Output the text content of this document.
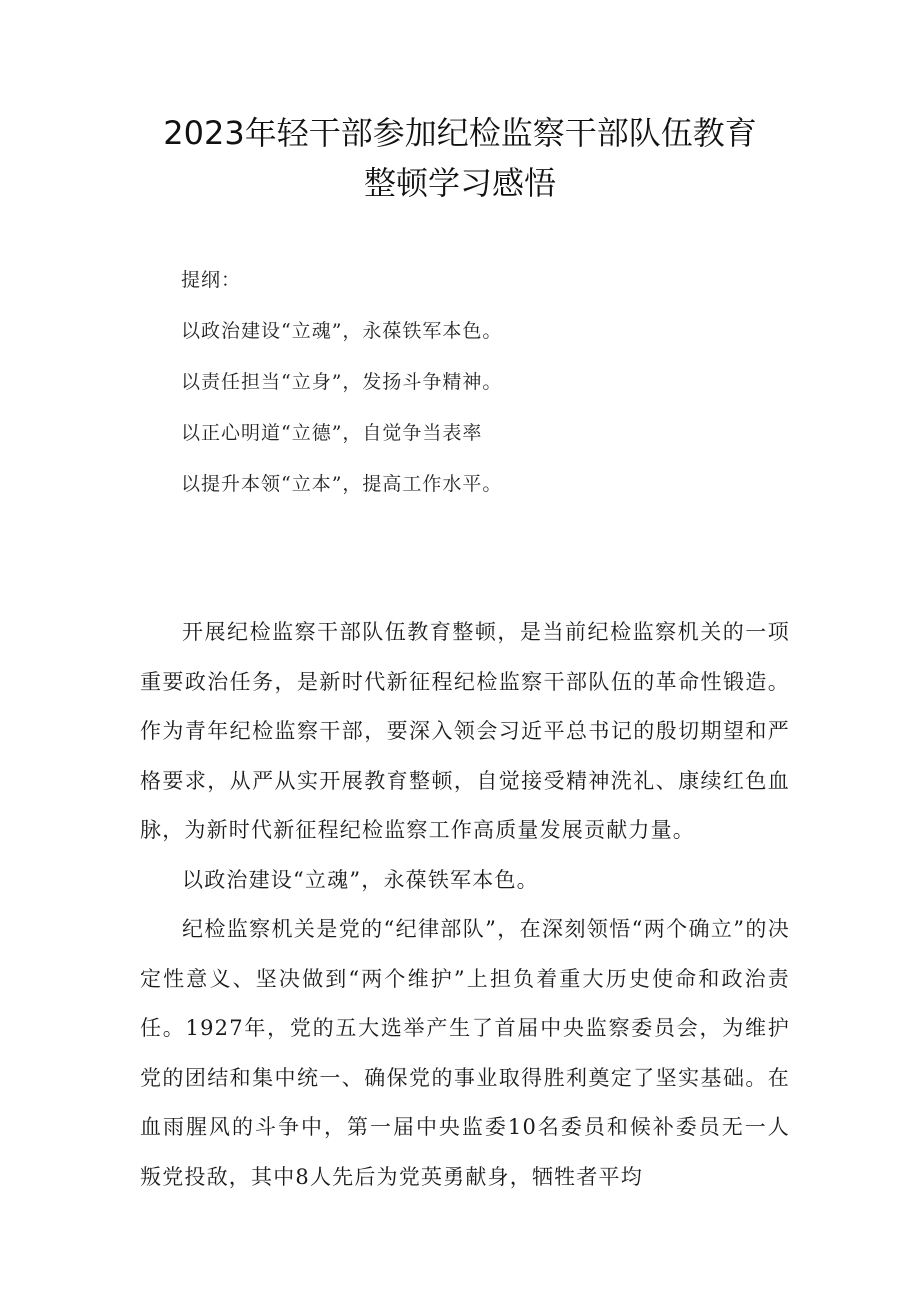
2023年轻干部参加纪检监察干部队伍教育
整顿学习感悟
提纲：
以政治建设“立魂”，永葆铁军本色。
以责任担当“立身”，发扬斗争精神。
以正心明道“立德”，自觉争当表率
以提升本领“立本”，提高工作水平。

开展纪检监察干部队伍教育整顿，是当前纪检监察机关的一项重要政治任务，是新时代新征程纪检监察干部队伍的革命性锻造。作为青年纪检监察干部，要深入领会习近平总书记的殷切期望和严格要求，从严从实开展教育整顿，自觉接受精神洗礼、康续红色血脉，为新时代新征程纪检监察工作高质量发展贡献力量。

以政治建设“立魂”，永葆铁军本色。

纪检监察机关是党的“纪律部队”，在深刻领悟“两个确立”的决定性意义、坚决做到“两个维护”上担负着重大历史使命和政治责任。1927年，党的五大选举产生了首届中央监察委员会，为维护党的团结和集中统一、确保党的事业取得胜利奠定了坚实基础。在血雨腥风的斗争中，第一届中央监委10名委员和候补委员无一人叛党投敌，其中8人先后为党英勇献身，牺牲者平均
